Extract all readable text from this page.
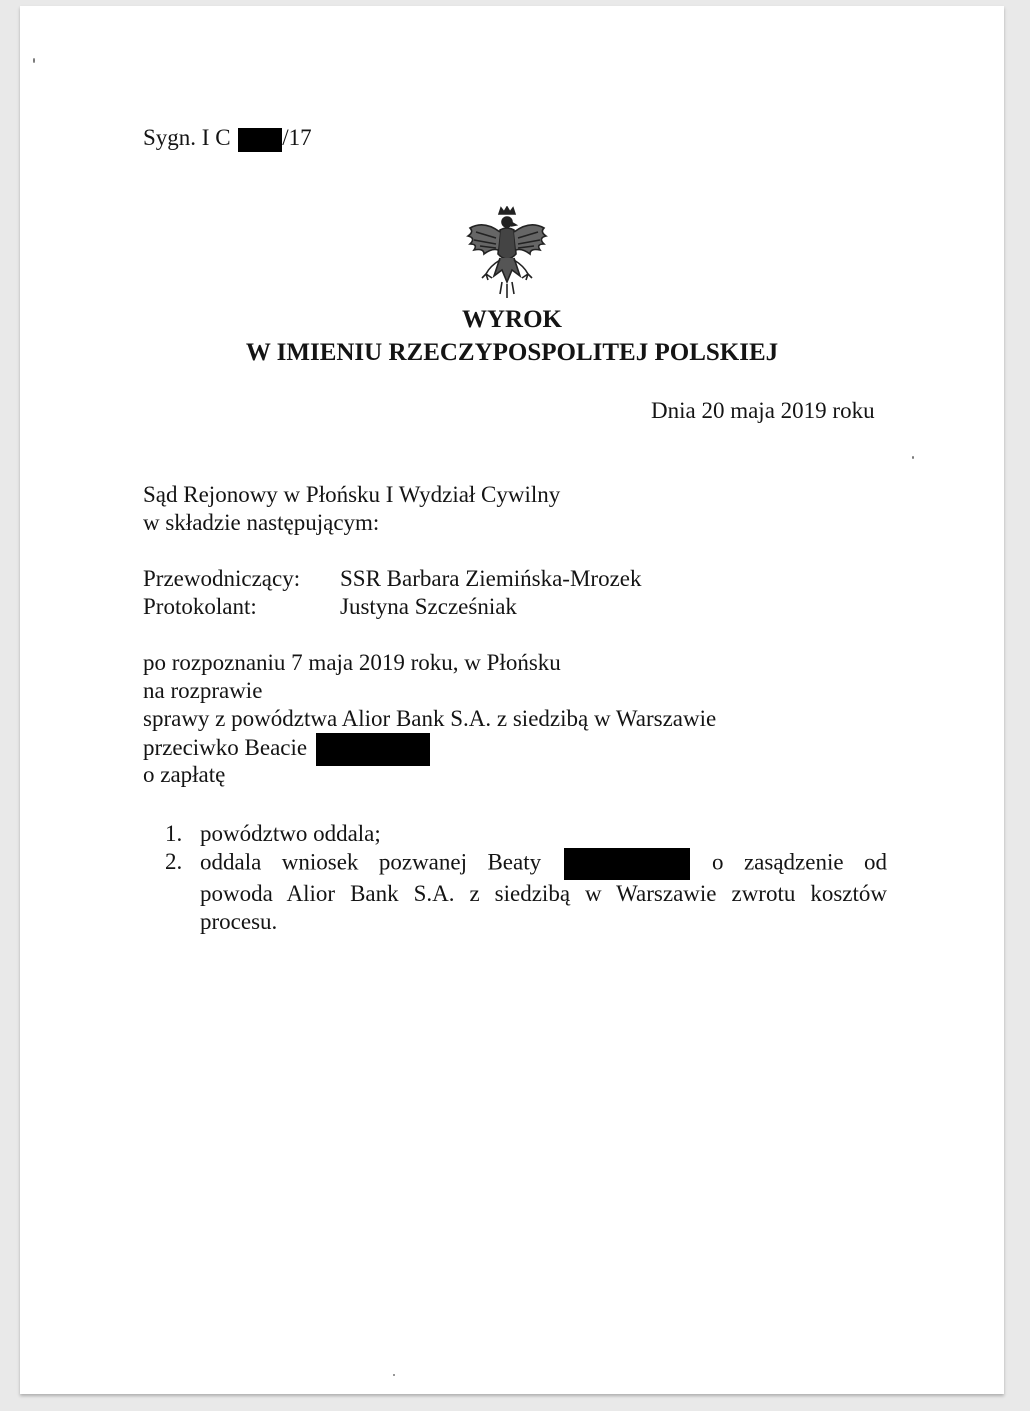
Sygn. I C /17
WYROK
W IMIENIU RZECZYPOSPOLITEJ POLSKIEJ
Dnia 20 maja 2019 roku
Sąd Rejonowy w Płońsku I Wydział Cywilny
w składzie następującym:
Przewodniczący: SSR Barbara Ziemińska-Mrozek
Protokolant:	Justyna Szcześniak
po rozpoznaniu 7 maja 2019 roku, w Płońsku
na rozprawie
sprawy z powództwa Alior Bank S.A. z siedzibą w Warszawie
przeciwko Beacie
o zapłatę
1. powództwo oddala;
2. oddala wniosek pozwanej Beaty	o zasądzenie od
powoda Alior Bank S.A. z siedzibą w Warszawie zwrotu kosztów
procesu.
